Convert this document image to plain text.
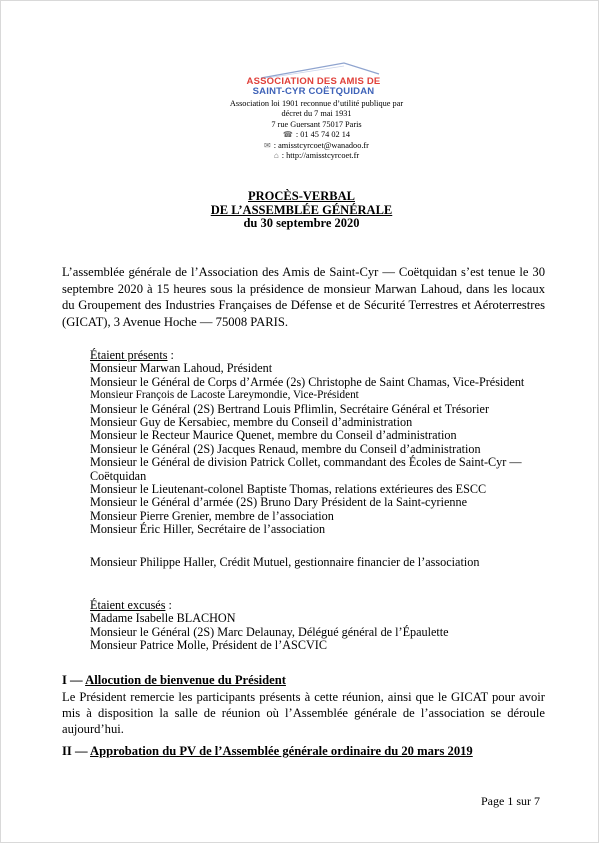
ASSOCIATION DES AMIS DE
SAINT-CYR COËTQUIDAN
Association loi 1901 reconnue d’utilité publique par
décret du 7 mai 1931
7 rue Guersant 75017 Paris
☎ : 01 45 74 02 14
✉ : amisstcyrcoet@wanadoo.fr
⌂ : http://amisstcyrcoet.fr
PROCÈS-VERBAL
DE L’ASSEMBLÉE GÉNÉRALE
du 30 septembre 2020
L’assemblée générale de l’Association des Amis de Saint-Cyr — Coëtquidan s’est tenue le 30 septembre 2020 à 15 heures sous la présidence de monsieur Marwan Lahoud, dans les locaux du Groupement des Industries Françaises de Défense et de Sécurité Terrestres et Aéroterrestres (GICAT), 3 Avenue Hoche — 75008 PARIS.
Étaient présents :
Monsieur Marwan Lahoud, Président
Monsieur le Général de Corps d’Armée (2s) Christophe de Saint Chamas, Vice-Président
Monsieur François de Lacoste Lareymondie, Vice-Président
Monsieur le Général (2S) Bertrand Louis Pflimlin, Secrétaire Général et Trésorier
Monsieur Guy de Kersabiec, membre du Conseil d’administration
Monsieur le Recteur Maurice Quenet, membre du Conseil d’administration
Monsieur le Général (2S) Jacques Renaud, membre du Conseil d’administration
Monsieur le Général de division Patrick Collet, commandant des Écoles de Saint-Cyr — Coëtquidan
Monsieur le Lieutenant-colonel Baptiste Thomas, relations extérieures des ESCC
Monsieur le Général d’armée (2S) Bruno Dary Président de la Saint-cyrienne
Monsieur Pierre Grenier, membre de l’association
Monsieur Éric Hiller, Secrétaire de l’association
Monsieur Philippe Haller, Crédit Mutuel, gestionnaire financier de l’association
Étaient excusés :
Madame Isabelle BLACHON
Monsieur le Général (2S) Marc Delaunay, Délégué général de l’Épaulette
Monsieur Patrice Molle, Président de l’ASCVIC
I — Allocution de bienvenue du Président
Le Président remercie les participants présents à cette réunion, ainsi que le GICAT pour avoir mis à disposition la salle de réunion où l’Assemblée générale de l’association se déroule aujourd’hui.
II — Approbation du PV de l’Assemblée générale ordinaire du 20 mars 2019
Page 1 sur 7
